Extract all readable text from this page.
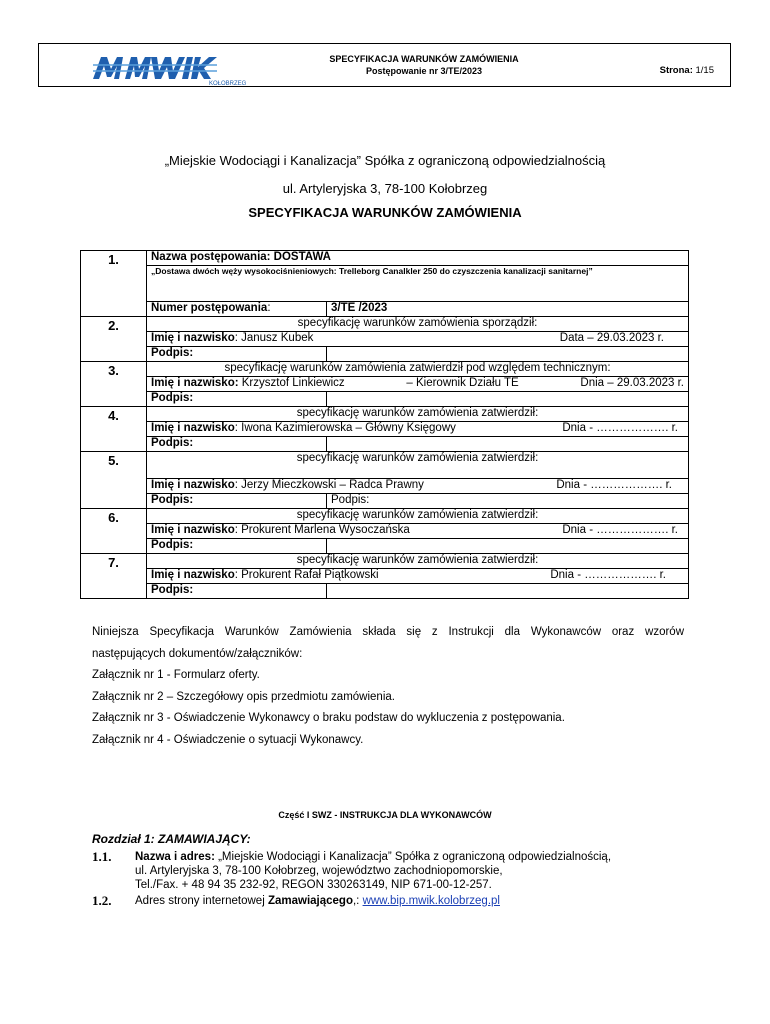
KOŁOBRZEG
SPECYFIKACJA WARUNKÓW ZAMÓWIENIA
Postępowanie nr 3/TE/2023	Strona: 1/15
„Miejskie Wodociągi i Kanalizacja” Spółka z ograniczoną odpowiedzialnością
ul. Artyleryjska 3, 78-100 Kołobrzeg
SPECYFIKACJA WARUNKÓW ZAMÓWIENIA
1.	Nazwa postępowania: DOSTAWA	

	„Dostawa dwóch węży wysokociśnieniowych: Trelleborg Canalkler 250 do czyszczenia kanalizacji sanitarnej”	

	Numer postępowania:	3/TE /2023
2.	specyfikację warunków zamówienia sporządził:	

	Imię i nazwisko: Janusz Kubek Data – 29.03.2023 r.	

	Podpis:	
3.	specyfikację warunków zamówienia zatwierdził pod względem technicznym:	

	Imię i nazwisko: Krzysztof Linkiewicz – Kierownik Działu TE Dnia – 29.03.2023 r.	

	Podpis:	
4.	specyfikację warunków zamówienia zatwierdził:	

	Imię i nazwisko: Iwona Kazimierowska – Główny Księgowy Dnia - ………………. r.	

	Podpis:	
5.	specyfikację warunków zamówienia zatwierdził:	

	Imię i nazwisko: Jerzy Mieczkowski – Radca Prawny Dnia - ………………. r.	

	Podpis:	Podpis:
6.	specyfikację warunków zamówienia zatwierdził:	

	Imię i nazwisko: Prokurent Marlena Wysoczańska Dnia - ………………. r.	

	Podpis:	
7.	specyfikację warunków zamówienia zatwierdził:	

	Imię i nazwisko: Prokurent Rafał Piątkowski Dnia - ………………. r.	

	Podpis:	

Niniejsza Specyfikacja Warunków Zamówienia składa się z Instrukcji dla Wykonawców oraz wzorów

następujących dokumentów/załączników:

Załącznik nr 1 - Formularz oferty.

Załącznik nr 2 – Szczegółowy opis przedmiotu zamówienia.

Załącznik nr 3 - Oświadczenie Wykonawcy o braku podstaw do wykluczenia z postępowania.

Załącznik nr 4 - Oświadczenie o sytuacji Wykonawcy.

Część I SWZ - INSTRUKCJA DLA WYKONAWCÓW
Rozdział 1: ZAMAWIAJĄCY:
1.1. Nazwa i adres: „Miejskie Wodociągi i Kanalizacja” Spółka z ograniczoną odpowiedzialnością,
ul. Artyleryjska 3, 78-100 Kołobrzeg, województwo zachodniopomorskie,
Tel./Fax. + 48 94 35 232-92, REGON 330263149, NIP 671-00-12-257.
1.2. Adres strony internetowej Zamawiającego,: www.bip.mwik.kolobrzeg.pl
